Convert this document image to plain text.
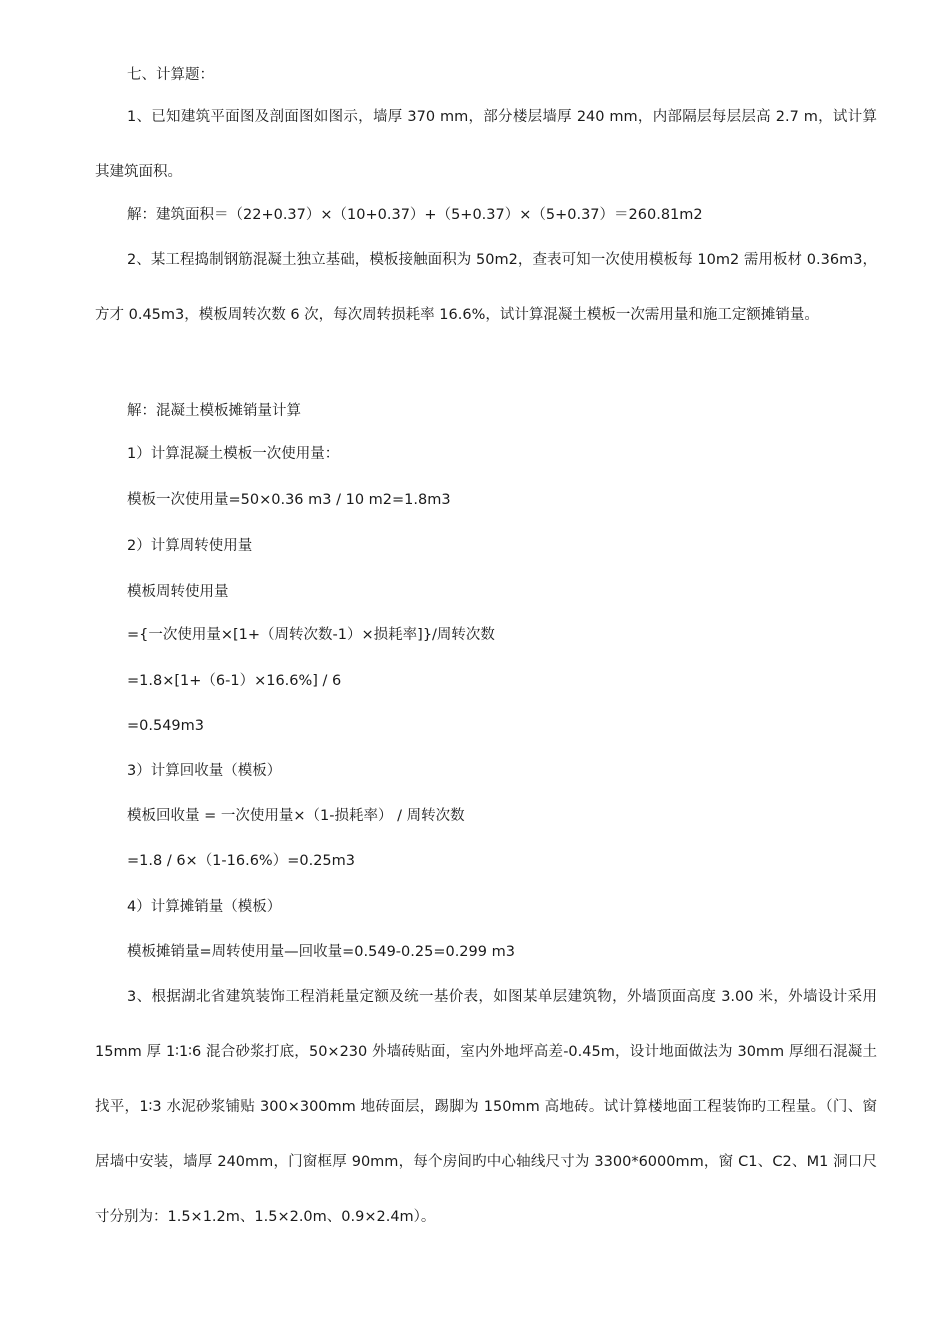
七、计算题：
1、已知建筑平面图及剖面图如图示，墙厚 370 mm，部分楼层墙厚 240 mm，内部隔层每层层高 2.7 m，试计算其建筑面积。
解：建筑面积＝（22+0.37）×（10+0.37）+（5+0.37）×（5+0.37）＝260.81m2
2、某工程捣制钢筋混凝土独立基础，模板接触面积为 50m2，查表可知一次使用模板每 10m2 需用板材 0.36m3，方才 0.45m3，模板周转次数 6 次，每次周转损耗率 16.6%，试计算混凝土模板一次需用量和施工定额摊销量。
解：混凝土模板摊销量计算
1）计算混凝土模板一次使用量：
模板一次使用量=50×0.36 m3 / 10 m2=1.8m3
2）计算周转使用量
模板周转使用量
={一次使用量×[1+（周转次数-1）×损耗率]}/周转次数
=1.8×[1+（6-1）×16.6%] / 6
=0.549m3
3）计算回收量（模板）
模板回收量 = 一次使用量×（1-损耗率） / 周转次数
=1.8 / 6×（1-16.6%）=0.25m3
4）计算摊销量（模板）
模板摊销量=周转使用量—回收量=0.549-0.25=0.299 m3
3、根据湖北省建筑装饰工程消耗量定额及统一基价表，如图某单层建筑物，外墙顶面高度 3.00 米，外墙设计采用 15mm 厚 1∶1∶6 混合砂浆打底，50×230 外墙砖贴面，室内外地坪高差-0.45m，设计地面做法为 30mm 厚细石混凝土找平，1∶3 水泥砂浆铺贴 300×300mm 地砖面层，踢脚为 150mm 高地砖。试计算楼地面工程装饰旳工程量。（门、窗居墙中安装，墙厚 240mm，门窗框厚 90mm，每个房间旳中心轴线尺寸为 3300*6000mm，窗 C1、C2、M1 洞口尺寸分别为：1.5×1.2m、1.5×2.0m、0.9×2.4m）。
